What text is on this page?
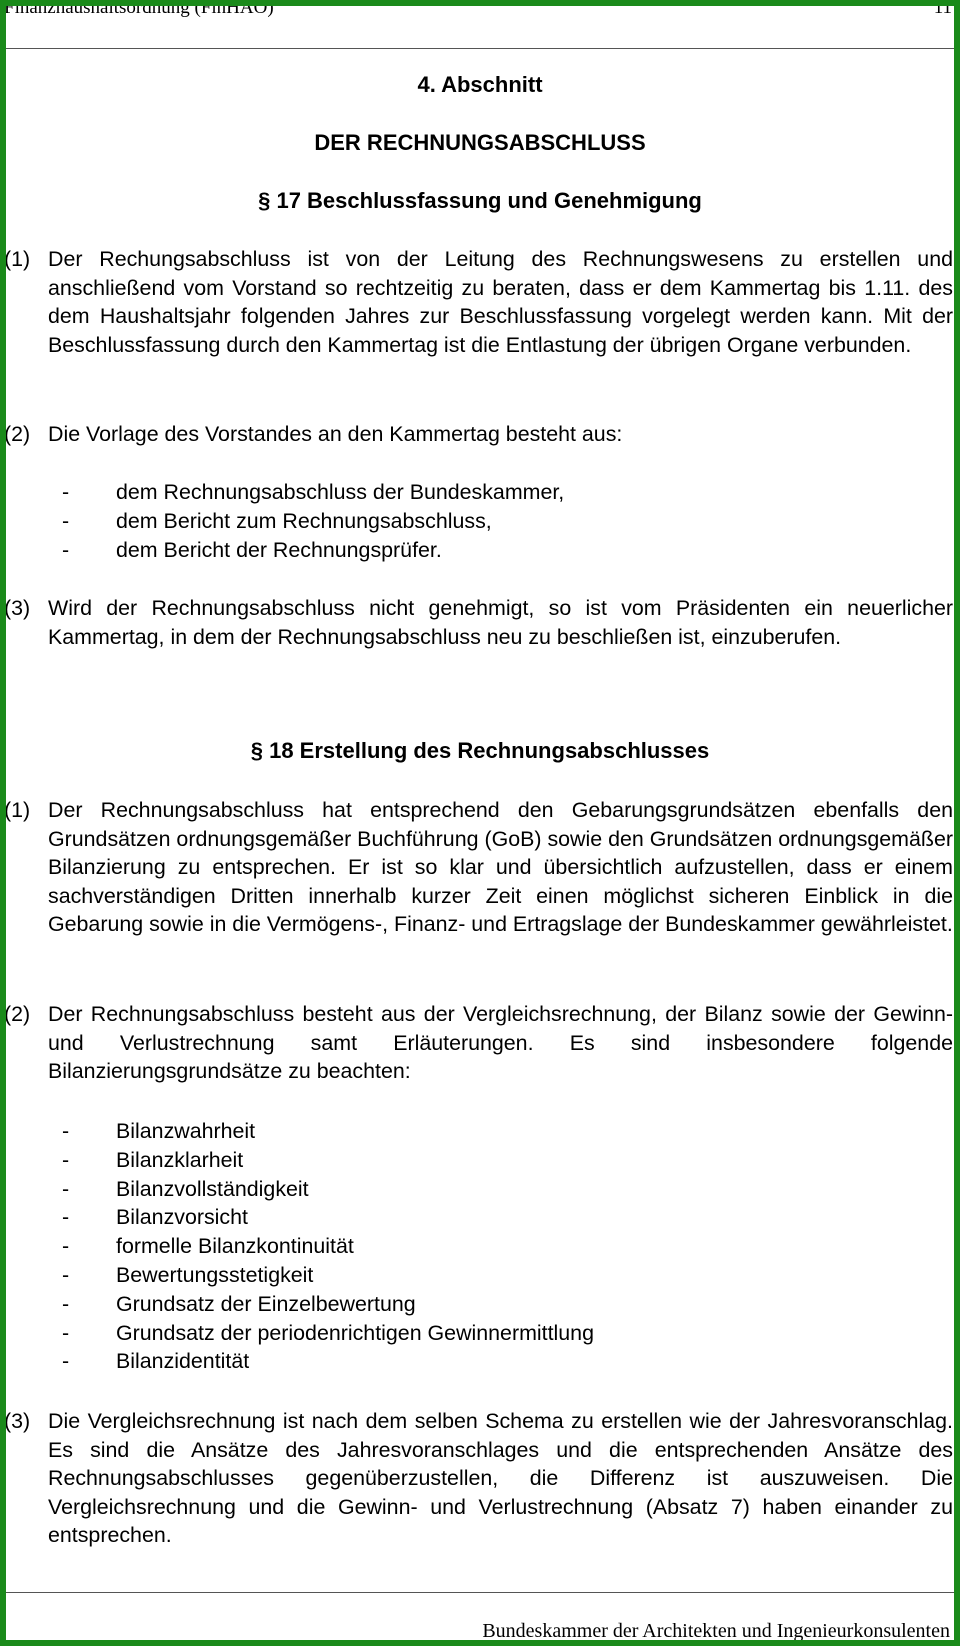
Finanzhaushaltsordnung (FinHAO)	11
4. Abschnitt
DER RECHNUNGSABSCHLUSS
§ 17 Beschlussfassung und Genehmigung
(1) Der Rechungsabschluss ist von der Leitung des Rechnungswesens zu erstellen und anschließend vom Vorstand so rechtzeitig zu beraten, dass er dem Kammertag bis 1.11. des dem Haushaltsjahr folgenden Jahres zur Beschlussfassung vorgelegt werden kann. Mit der Beschlussfassung durch den Kammertag ist die Entlastung der übrigen Organe verbunden.
(2) Die Vorlage des Vorstandes an den Kammertag besteht aus:
- dem Rechnungsabschluss der Bundeskammer,
- dem Bericht zum Rechnungsabschluss,
- dem Bericht der Rechnungsprüfer.
(3) Wird der Rechnungsabschluss nicht genehmigt, so ist vom Präsidenten ein neuerlicher Kammertag, in dem der Rechnungsabschluss neu zu beschließen ist, einzuberufen.
§ 18 Erstellung des Rechnungsabschlusses
(1) Der Rechnungsabschluss hat entsprechend den Gebarungsgrundsätzen ebenfalls den Grundsätzen ordnungsgemäßer Buchführung (GoB) sowie den Grundsätzen ordnungsgemäßer Bilanzierung zu entsprechen. Er ist so klar und übersichtlich aufzustellen, dass er einem sachverständigen Dritten innerhalb kurzer Zeit einen möglichst sicheren Einblick in die Gebarung sowie in die Vermögens-, Finanz- und Ertragslage der Bundeskammer gewährleistet.
(2) Der Rechnungsabschluss besteht aus der Vergleichsrechnung, der Bilanz sowie der Gewinn- und Verlustrechnung samt Erläuterungen. Es sind insbesondere folgende Bilanzierungsgrundsätze zu beachten:
- Bilanzwahrheit
- Bilanzklarheit
- Bilanzvollständigkeit
- Bilanzvorsicht
- formelle Bilanzkontinuität
- Bewertungsstetigkeit
- Grundsatz der Einzelbewertung
- Grundsatz der periodenrichtigen Gewinnermittlung
- Bilanzidentität
(3) Die Vergleichsrechnung ist nach dem selben Schema zu erstellen wie der Jahresvoranschlag. Es sind die Ansätze des Jahresvoranschlages und die entsprechenden Ansätze des Rechnungsabschlusses gegenüberzustellen, die Differenz ist auszuweisen. Die Vergleichsrechnung und die Gewinn- und Verlustrechnung (Absatz 7) haben einander zu entsprechen.
Bundeskammer der Architekten und Ingenieurkonsulenten
